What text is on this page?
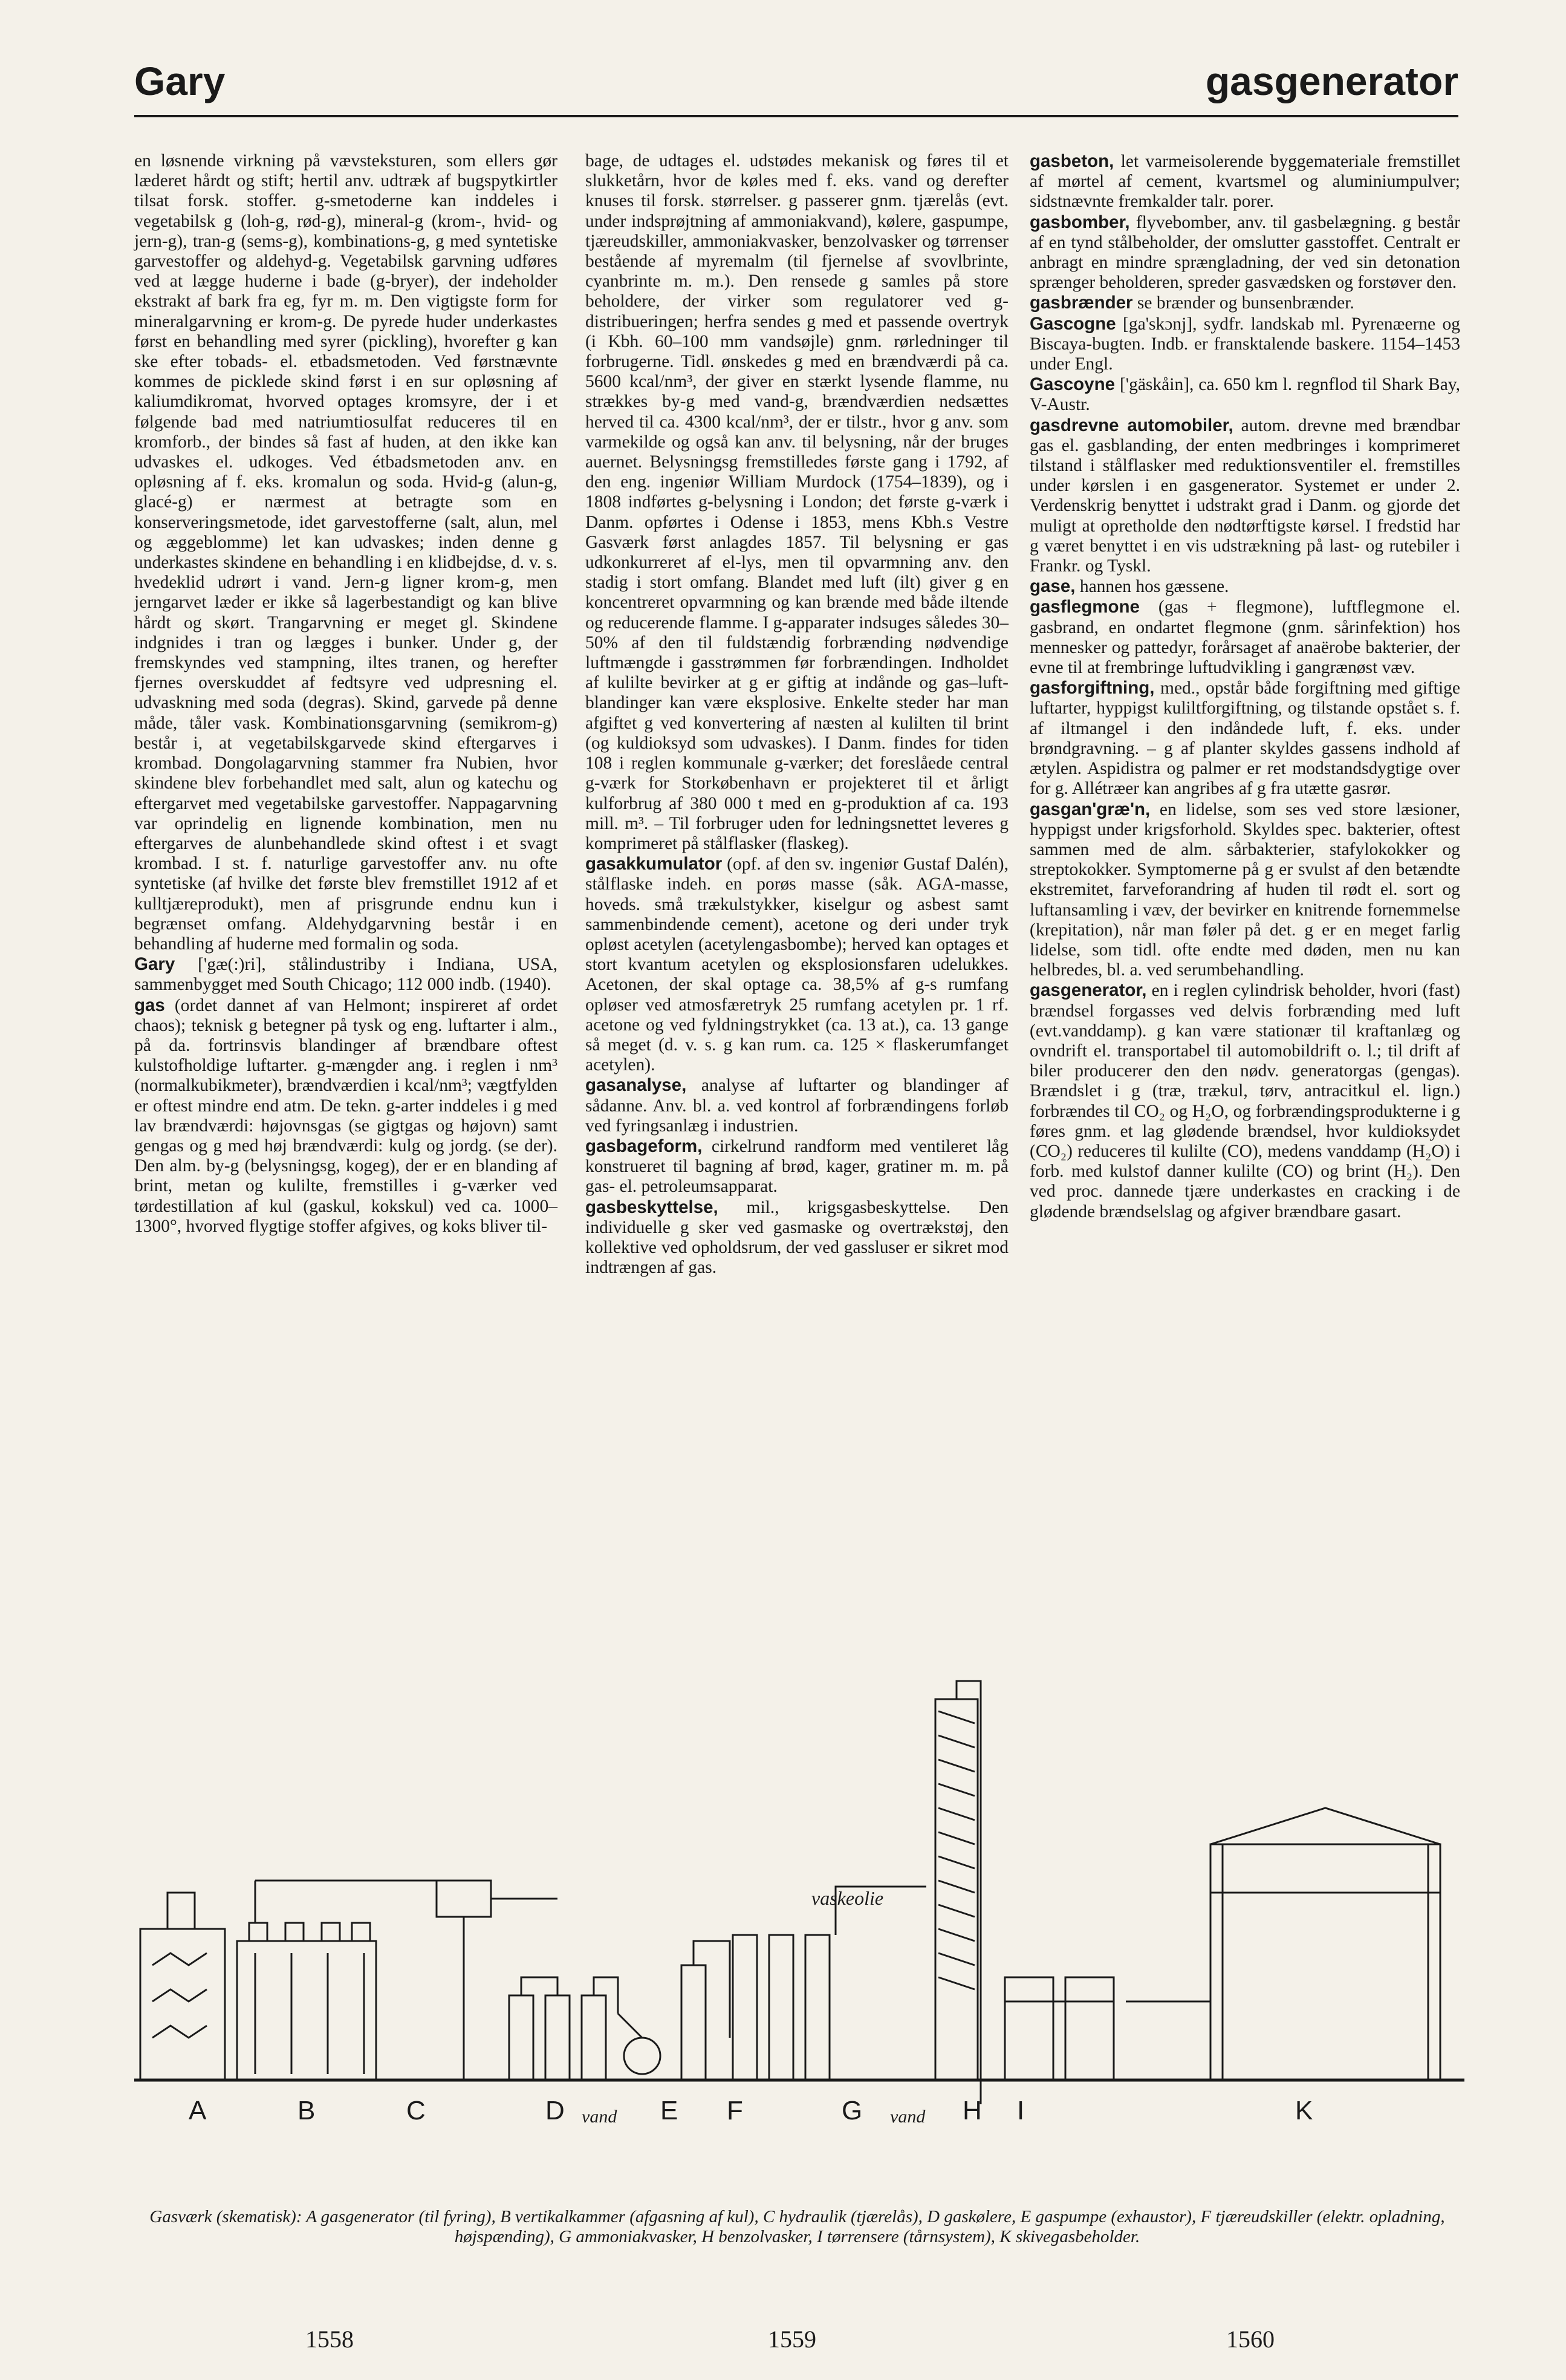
Gary	gasgenerator

en løsnende virkning på vævsteksturen, som ellers gør læderet hårdt og stift; hertil anv. udtræk af bugspytkirtler tilsat forsk. stoffer. g-smetoderne kan inddeles i vegetabilsk g (loh-g, rød-g), mineral-g (krom-, hvid- og jern-g), tran-g (sems-g), kombinations-g, g med syntetiske garvestoffer og aldehyd-g. Vegetabilsk garvning udføres ved at lægge huderne i bade (g-bryer), der indeholder ekstrakt af bark fra eg, fyr m. m. Den vigtigste form for mineralgarvning er krom-g. De pyrede huder underkastes først en behandling med syrer (pickling), hvorefter g kan ske efter tobads- el. etbadsmetoden. Ved førstnævnte kommes de picklede skind først i en sur opløsning af kaliumdikromat, hvorved optages kromsyre, der i et følgende bad med natriumtiosulfat reduceres til en kromforb., der bindes så fast af huden, at den ikke kan udvaskes el. udkoges. Ved étbadsmetoden anv. en opløsning af f. eks. kromalun og soda. Hvid-g (alun-g, glacé-g) er nærmest at betragte som en konserveringsmetode, idet garvestofferne (salt, alun, mel og æggeblomme) let kan udvaskes; inden denne g underkastes skindene en behandling i en klidbejdse, d. v. s. hvedeklid udrørt i vand. Jern-g ligner krom-g, men jerngarvet læder er ikke så lagerbestandigt og kan blive hårdt og skørt. Trangarvning er meget gl. Skindene indgnides i tran og lægges i bunker. Under g, der fremskyndes ved stampning, iltes tranen, og herefter fjernes overskuddet af fedtsyre ved udpresning el. udvaskning med soda (degras). Skind, garvede på denne måde, tåler vask. Kombinationsgarvning (semikrom-g) består i, at vegetabilskgarvede skind eftergarves i krombad. Dongolagarvning stammer fra Nubien, hvor skindene blev forbehandlet med salt, alun og katechu og eftergarvet med vegetabilske garvestoffer. Nappagarvning var oprindelig en lignende kombination, men nu eftergarves de alunbehandlede skind oftest i et svagt krombad. I st. f. naturlige garvestoffer anv. nu ofte syntetiske (af hvilke det første blev fremstillet 1912 af et kulltjæreprodukt), men af prisgrunde endnu kun i begrænset omfang. Aldehydgarvning består i en behandling af huderne med formalin og soda.

Gary ['gæ(:)ri], stålindustriby i Indiana, USA, sammenbygget med South Chicago; 112 000 indb. (1940).

gas (ordet dannet af van Helmont; inspireret af ordet chaos); teknisk g betegner på tysk og eng. luftarter i alm., på da. fortrinsvis blandinger af brændbare oftest kulstofholdige luftarter. g-mængder ang. i reglen i nm³ (normalkubikmeter), brændværdien i kcal/nm³; vægtfylden er oftest mindre end atm. De tekn. g-arter inddeles i g med lav brændværdi: højovnsgas (se gigtgas og højovn) samt gengas og g med høj brændværdi: kulg og jordg. (se der). Den alm. by-g (belysningsg, kogeg), der er en blanding af brint, metan og kulilte, fremstilles i g-værker ved tørdestillation af kul (gaskul, kokskul) ved ca. 1000–1300°, hvorved flygtige stoffer afgives, og koks bliver til-

bage, de udtages el. udstødes mekanisk og føres til et slukketårn, hvor de køles med f. eks. vand og derefter knuses til forsk. størrelser. g passerer gnm. tjærelås (evt. under indsprøjtning af ammoniakvand), kølere, gaspumpe, tjæreudskiller, ammoniakvasker, benzolvasker og tørrenser bestående af myremalm (til fjernelse af svovlbrinte, cyanbrinte m. m.). Den rensede g samles på store beholdere, der virker som regulatorer ved g-distribueringen; herfra sendes g med et passende overtryk (i Kbh. 60–100 mm vandsøjle) gnm. rørledninger til forbrugerne. Tidl. ønskedes g med en brændværdi på ca. 5600 kcal/nm³, der giver en stærkt lysende flamme, nu strækkes by-g med vand-g, brændværdien nedsættes herved til ca. 4300 kcal/nm³, der er tilstr., hvor g anv. som varmekilde og også kan anv. til belysning, når der bruges auernet. Belysningsg fremstilledes første gang i 1792, af den eng. ingeniør William Murdock (1754–1839), og i 1808 indførtes g-belysning i London; det første g-værk i Danm. opførtes i Odense i 1853, mens Kbh.s Vestre Gasværk først anlagdes 1857. Til belysning er gas udkonkurreret af el-lys, men til opvarmning anv. den stadig i stort omfang. Blandet med luft (ilt) giver g en koncentreret opvarmning og kan brænde med både iltende og reducerende flamme. I g-apparater indsuges således 30–50% af den til fuldstændig forbrænding nødvendige luftmængde i gasstrømmen før forbrændingen. Indholdet af kulilte bevirker at g er giftig at indånde og gas–luft-blandinger kan være eksplosive. Enkelte steder har man afgiftet g ved konvertering af næsten al kulilten til brint (og kuldioksyd som udvaskes). I Danm. findes for tiden 108 i reglen kommunale g-værker; det foreslåede central g-værk for Storkøbenhavn er projekteret til et årligt kulforbrug af 380 000 t med en g-produktion af ca. 193 mill. m³. – Til forbruger uden for ledningsnettet leveres g komprimeret på stålflasker (flaskeg).

gasakkumulator (opf. af den sv. ingeniør Gustaf Dalén), stålflaske indeh. en porøs masse (såk. AGA-masse, hoveds. små trækulstykker, kiselgur og asbest samt sammenbindende cement), acetone og deri under tryk opløst acetylen (acetylengasbombe); herved kan optages et stort kvantum acetylen og eksplosionsfaren udelukkes. Acetonen, der skal optage ca. 38,5% af g-s rumfang opløser ved atmosfæretryk 25 rumfang acetylen pr. 1 rf. acetone og ved fyldningstrykket (ca. 13 at.), ca. 13 gange så meget (d. v. s. g kan rum. ca. 125 × flaskerumfanget acetylen).

gasanalyse, analyse af luftarter og blandinger af sådanne. Anv. bl. a. ved kontrol af forbrændingens forløb ved fyringsanlæg i industrien.

gasbageform, cirkelrund randform med ventileret låg konstrueret til bagning af brød, kager, gratiner m. m. på gas- el. petroleumsapparat.

gasbeskyttelse, mil., krigsgasbeskyttelse. Den individuelle g sker ved gasmaske og overtrækstøj, den kollektive ved opholdsrum, der ved gassluser er sikret mod indtrængen af gas.

gasbeton, let varmeisolerende byggemateriale fremstillet af mørtel af cement, kvartsmel og aluminiumpulver; sidstnævnte fremkalder talr. porer.

gasbomber, flyvebomber, anv. til gasbelægning. g består af en tynd stålbeholder, der omslutter gasstoffet. Centralt er anbragt en mindre sprængladning, der ved sin detonation sprænger beholderen, spreder gasvædsken og forstøver den.

gasbrænder se brænder og bunsenbrænder.

Gascogne [ga'skɔnj], sydfr. landskab ml. Pyrenæerne og Biscaya-bugten. Indb. er fransktalende baskere. 1154–1453 under Engl.

Gascoyne ['gäskåin], ca. 650 km l. regnflod til Shark Bay, V-Austr.

gasdrevne automobiler, autom. drevne med brændbar gas el. gasblanding, der enten medbringes i komprimeret tilstand i stålflasker med reduktionsventiler el. fremstilles under kørslen i en gasgenerator. Systemet er under 2. Verdenskrig benyttet i udstrakt grad i Danm. og gjorde det muligt at opretholde den nødtørftigste kørsel. I fredstid har g været benyttet i en vis udstrækning på last- og rutebiler i Frankr. og Tyskl.

gase, hannen hos gæssene.

gasflegmone (gas + flegmone), luftflegmone el. gasbrand, en ondartet flegmone (gnm. sårinfektion) hos mennesker og pattedyr, forårsaget af anaërobe bakterier, der evne til at frembringe luftudvikling i gangrænøst væv.

gasforgiftning, med., opstår både forgiftning med giftige luftarter, hyppigst kuliltforgiftning, og tilstande opstået s. f. af iltmangel i den indåndede luft, f. eks. under brøndgravning. – g af planter skyldes gassens indhold af ætylen. Aspidistra og palmer er ret modstandsdygtige over for g. Allétræer kan angribes af g fra utætte gasrør.

gasgan'græ'n, en lidelse, som ses ved store læsioner, hyppigst under krigsforhold. Skyldes spec. bakterier, oftest sammen med de alm. sårbakterier, stafylokokker og streptokokker. Symptomerne på g er svulst af den betændte ekstremitet, farveforandring af huden til rødt el. sort og luftansamling i væv, der bevirker en knitrende fornemmelse (krepitation), når man føler på det. g er en meget farlig lidelse, som tidl. ofte endte med døden, men nu kan helbredes, bl. a. ved serumbehandling.

gasgenerator, en i reglen cylindrisk beholder, hvori (fast) brændsel forgasses ved delvis forbrænding med luft (evt.vanddamp). g kan være stationær til kraftanlæg og ovndrift el. transportabel til automobildrift o. l.; til drift af biler producerer den den nødv. generatorgas (gengas). Brændslet i g (træ, trækul, tørv, antracitkul el. lign.) forbrændes til CO₂ og H₂O, og forbrændingsprodukterne i g føres gnm. et lag glødende brændsel, hvor kuldioksydet (CO₂) reduceres til kulilte (CO), medens vanddamp (H₂O) i forb. med kulstof danner kulilte (CO) og brint (H₂). Den ved proc. dannede tjære underkastes en cracking i de glødende brændselslag og afgiver brændbare gasart.

A	B	C	D	E F	G	H I	K
vaskeolie
vand	vand
Gasværk (skematisk): A gasgenerator (til fyring), B vertikalkammer (afgasning af kul), C hydraulik (tjærelås), D gaskølere, E gaspumpe (exhaustor), F tjæreudskiller (elektr. opladning, højspænding), G ammoniakvasker, H benzolvasker, I tørrensere (tårnsystem), K skivegasbeholder.
1558	1559	1560
